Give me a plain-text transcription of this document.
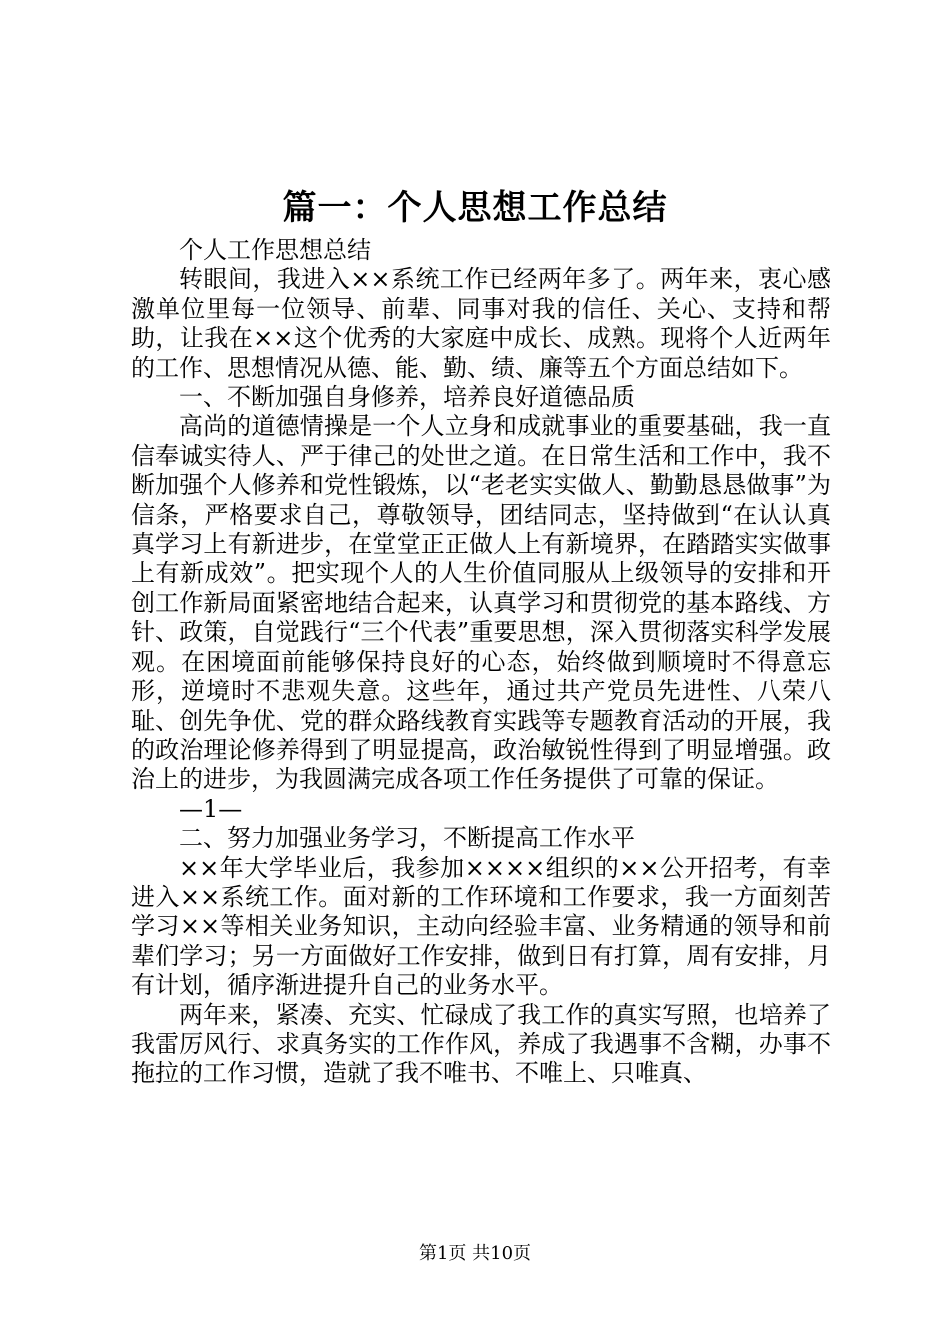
篇一：个人思想工作总结

个人工作思想总结

转眼间，我进入××系统工作已经两年多了。两年来，衷心感激单位里每一位领导、前辈、同事对我的信任、关心、支持和帮助，让我在××这个优秀的大家庭中成长、成熟。现将个人近两年的工作、思想情况从德、能、勤、绩、廉等五个方面总结如下。

一、不断加强自身修养，培养良好道德品质

高尚的道德情操是一个人立身和成就事业的重要基础，我一直信奉诚实待人、严于律己的处世之道。在日常生活和工作中，我不断加强个人修养和党性锻炼，以“老老实实做人、勤勤恳恳做事”为信条，严格要求自己，尊敬领导，团结同志，坚持做到“在认认真真学习上有新进步，在堂堂正正做人上有新境界，在踏踏实实做事上有新成效”。把实现个人的人生价值同服从上级领导的安排和开创工作新局面紧密地结合起来，认真学习和贯彻党的基本路线、方针、政策，自觉践行“三个代表”重要思想，深入贯彻落实科学发展观。在困境面前能够保持良好的心态，始终做到顺境时不得意忘形，逆境时不悲观失意。这些年，通过共产党员先进性、八荣八耻、创先争优、党的群众路线教育实践等专题教育活动的开展，我的政治理论修养得到了明显提高，政治敏锐性得到了明显增强。政治上的进步，为我圆满完成各项工作任务提供了可靠的保证。

—1—

二、努力加强业务学习，不断提高工作水平

××年大学毕业后，我参加××××组织的××公开招考，有幸进入××系统工作。面对新的工作环境和工作要求，我一方面刻苦学习××等相关业务知识，主动向经验丰富、业务精通的领导和前辈们学习；另一方面做好工作安排，做到日有打算，周有安排，月有计划，循序渐进提升自己的业务水平。

两年来，紧凑、充实、忙碌成了我工作的真实写照，也培养了我雷厉风行、求真务实的工作作风，养成了我遇事不含糊，办事不拖拉的工作习惯，造就了我不唯书、不唯上、只唯真、

第1页 共10页
